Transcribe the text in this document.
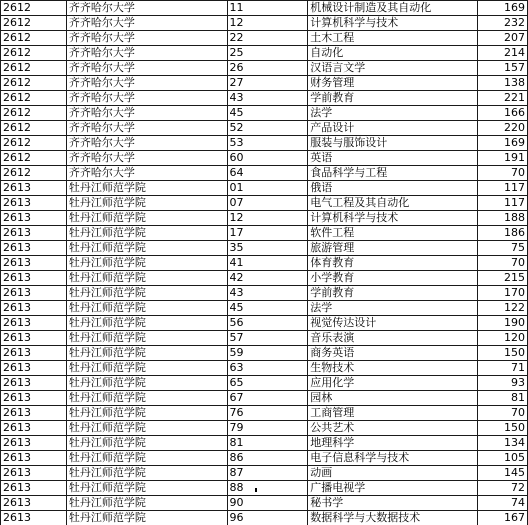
2612	齐齐哈尔大学	11	机械设计制造及其自动化	169
2612	齐齐哈尔大学	12	计算机科学与技术	232
2612	齐齐哈尔大学	22	土木工程	207
2612	齐齐哈尔大学	25	自动化	214
2612	齐齐哈尔大学	26	汉语言文学	157
2612	齐齐哈尔大学	27	财务管理	138
2612	齐齐哈尔大学	43	学前教育	221
2612	齐齐哈尔大学	45	法学	166
2612	齐齐哈尔大学	52	产品设计	220
2612	齐齐哈尔大学	53	服装与服饰设计	169
2612	齐齐哈尔大学	60	英语	191
2612	齐齐哈尔大学	64	食品科学与工程	70
2613	牡丹江师范学院	01	俄语	117
2613	牡丹江师范学院	07	电气工程及其自动化	117
2613	牡丹江师范学院	12	计算机科学与技术	188
2613	牡丹江师范学院	17	软件工程	186
2613	牡丹江师范学院	35	旅游管理	75
2613	牡丹江师范学院	41	体育教育	70
2613	牡丹江师范学院	42	小学教育	215
2613	牡丹江师范学院	43	学前教育	170
2613	牡丹江师范学院	45	法学	122
2613	牡丹江师范学院	56	视觉传达设计	190
2613	牡丹江师范学院	57	音乐表演	120
2613	牡丹江师范学院	59	商务英语	150
2613	牡丹江师范学院	63	生物技术	71
2613	牡丹江师范学院	65	应用化学	93
2613	牡丹江师范学院	67	园林	81
2613	牡丹江师范学院	76	工商管理	70
2613	牡丹江师范学院	79	公共艺术	150
2613	牡丹江师范学院	81	地理科学	134
2613	牡丹江师范学院	86	电子信息科学与技术	105
2613	牡丹江师范学院	87	动画	145
2613	牡丹江师范学院	88	广播电视学	72
2613	牡丹江师范学院	90	秘书学	74
2613	牡丹江师范学院	96	数据科学与大数据技术	167
